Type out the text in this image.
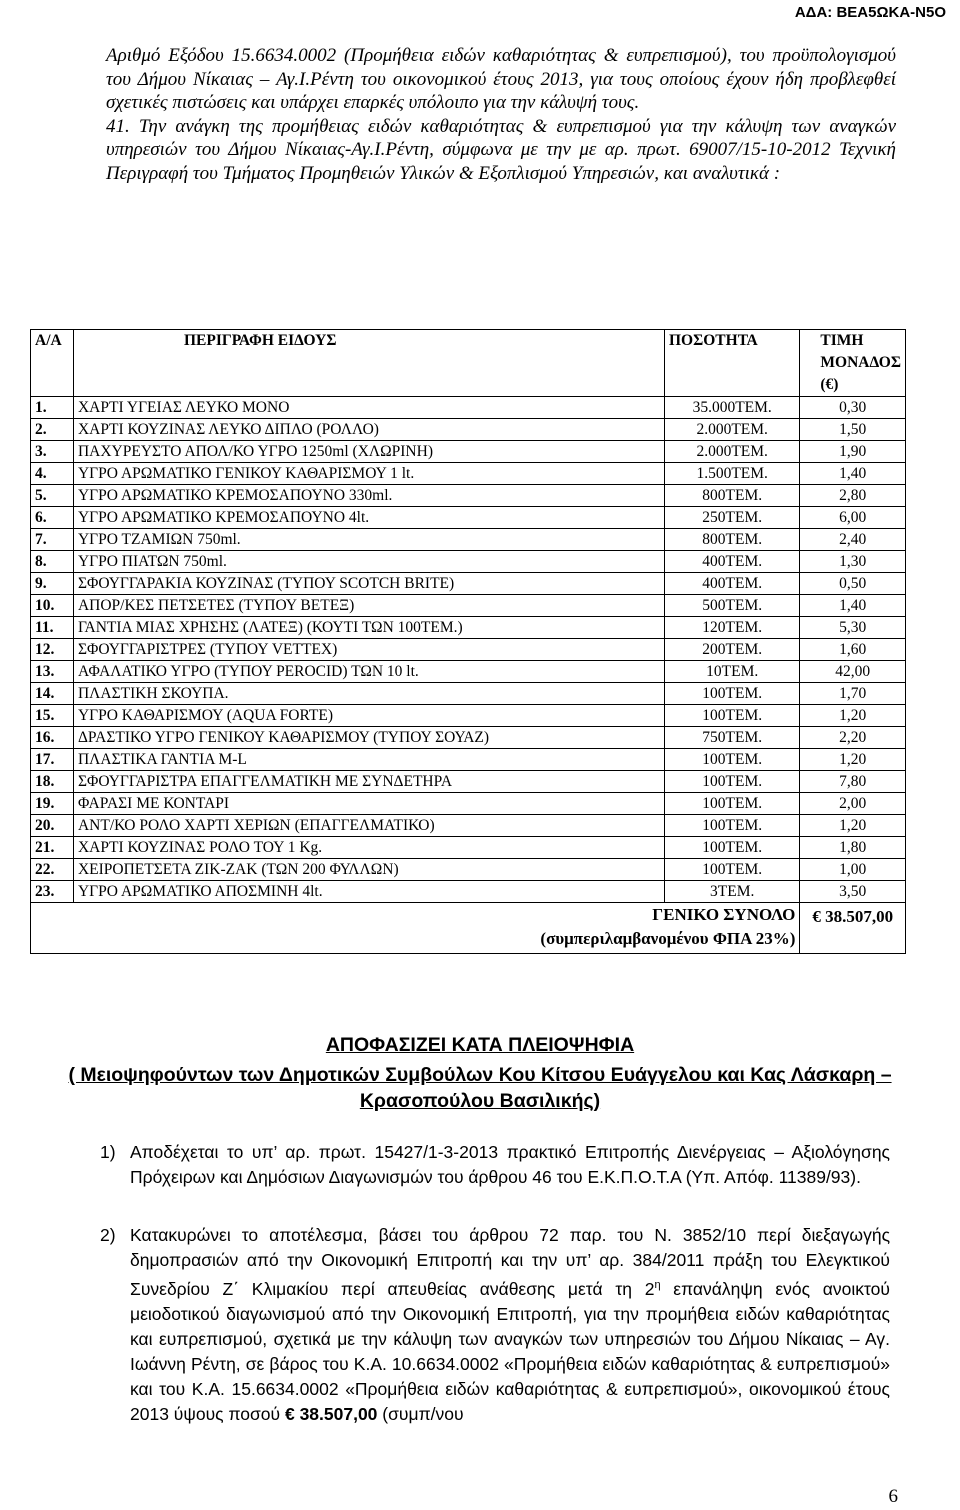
ΑΔΑ: ΒΕΑ5ΩΚΑ-Ν5Ο

Αριθμό Εξόδου 15.6634.0002 (Προμήθεια ειδών καθαριότητας & ευπρεπισμού), του προϋπολογισμού του Δήμου Νίκαιας – Αγ.Ι.Ρέντη του οικονομικού έτους 2013, για τους οποίους έχουν ήδη προβλεφθεί σχετικές πιστώσεις και υπάρχει επαρκές υπόλοιπο για την κάλυψή τους.

41. Την ανάγκη της προμήθειας ειδών καθαριότητας & ευπρεπισμού για την κάλυψη των αναγκών υπηρεσιών του Δήμου Νίκαιας-Αγ.Ι.Ρέντη, σύμφωνα με την με αρ. πρωτ. 69007/15-10-2012 Τεχνική Περιγραφή του Τμήματος Προμηθειών Υλικών & Εξοπλισμού Υπηρεσιών, και αναλυτικά :

Α/Α	ΠΕΡΙΓΡΑΦΗ ΕΙΔΟΥΣ	ΠΟΣΟΤΗΤΑ	ΤΙΜΗ ΜΟΝΑΔΟΣ (€)
1.	ΧΑΡΤΙ ΥΓΕΙΑΣ ΛΕΥΚΟ ΜΟΝΟ	35.000ΤΕΜ.	0,30
2.	ΧΑΡΤΙ ΚΟΥΖΙΝΑΣ ΛΕΥΚΟ ΔΙΠΛΟ (ΡΟΛΛΟ)	2.000ΤΕΜ.	1,50
3.	ΠΑΧΥΡΕΥΣΤΟ ΑΠΟΛ/ΚΟ ΥΓΡΟ 1250ml (ΧΛΩΡΙΝΗ)	2.000ΤΕΜ.	1,90
4.	ΥΓΡΟ ΑΡΩΜΑΤΙΚΟ ΓΕΝΙΚΟΥ ΚΑΘΑΡΙΣΜΟΥ 1 lt.	1.500ΤΕΜ.	1,40
5.	ΥΓΡΟ ΑΡΩΜΑΤΙΚΟ ΚΡΕΜΟΣΑΠΟΥΝΟ 330ml.	800ΤΕΜ.	2,80
6.	ΥΓΡΟ ΑΡΩΜΑΤΙΚΟ ΚΡΕΜΟΣΑΠΟΥΝΟ 4lt.	250ΤΕΜ.	6,00
7.	ΥΓΡΟ ΤΖΑΜΙΩΝ 750ml.	800ΤΕΜ.	2,40
8.	ΥΓΡΟ ΠΙΑΤΩΝ 750ml.	400ΤΕΜ.	1,30
9.	ΣΦΟΥΓΓΑΡΑΚΙΑ ΚΟΥΖΙΝΑΣ (ΤΥΠΟΥ SCOTCH BRITE)	400ΤΕΜ.	0,50
10.	ΑΠΟΡ/ΚΕΣ ΠΕΤΣΕΤΕΣ (ΤΥΠΟΥ ΒΕΤΕΞ)	500ΤΕΜ.	1,40
11.	ΓΑΝΤΙΑ ΜΙΑΣ ΧΡΗΣΗΣ (ΛΑΤΕΞ) (ΚΟΥΤΙ ΤΩΝ 100ΤΕΜ.)	120ΤΕΜ.	5,30
12.	ΣΦΟΥΓΓΑΡΙΣΤΡΕΣ (ΤΥΠΟΥ VETTEX)	200ΤΕΜ.	1,60
13.	ΑΦΑΛΑΤΙΚΟ ΥΓΡΟ (ΤΥΠΟΥ PEROCID) ΤΩΝ 10 lt.	10ΤΕΜ.	42,00
14.	ΠΛΑΣΤΙΚΗ ΣΚΟΥΠΑ.	100ΤΕΜ.	1,70
15.	ΥΓΡΟ ΚΑΘΑΡΙΣΜΟΥ (AQUA FORTE)	100ΤΕΜ.	1,20
16.	ΔΡΑΣΤΙΚΟ ΥΓΡΟ ΓΕΝΙΚΟΥ ΚΑΘΑΡΙΣΜΟΥ (ΤΥΠΟΥ ΣΟΥΑΖ)	750ΤΕΜ.	2,20
17.	ΠΛΑΣΤΙΚΑ ΓΑΝΤΙΑ M-L	100ΤΕΜ.	1,20
18.	ΣΦΟΥΓΓΑΡΙΣΤΡΑ ΕΠΑΓΓΕΛΜΑΤΙΚΗ ΜΕ ΣΥΝΔΕΤΗΡΑ	100ΤΕΜ.	7,80
19.	ΦΑΡΑΣΙ ΜΕ ΚΟΝΤΑΡΙ	100ΤΕΜ.	2,00
20.	ΑΝΤ/ΚΟ ΡΟΛΟ ΧΑΡΤΙ ΧΕΡΙΩΝ (ΕΠΑΓΓΕΛΜΑΤΙΚΟ)	100ΤΕΜ.	1,20
21.	ΧΑΡΤΙ ΚΟΥΖΙΝΑΣ ΡΟΛΟ ΤΟΥ 1 Kg.	100ΤΕΜ.	1,80
22.	ΧΕΙΡΟΠΕΤΣΕΤΑ ΖΙΚ-ΖΑΚ (ΤΩΝ 200 ΦΥΛΛΩΝ)	100ΤΕΜ.	1,00
23.	ΥΓΡΟ ΑΡΩΜΑΤΙΚΟ ΑΠΟΣΜΙΝΗ 4lt.	3ΤΕΜ.	3,50
	ΓΕΝΙΚΟ ΣΥΝΟΛΟ
(συμπεριλαμβανομένου ΦΠΑ 23%)		€ 38.507,00
ΑΠΟΦΑΣΙΖΕΙ ΚΑΤΑ ΠΛΕΙΟΨΗΦΙΑ
( Μειοψηφούντων των Δημοτικών Συμβούλων Κου Κίτσου Ευάγγελου και Κας Λάσκαρη – Κρασοπούλου Βασιλικής)
1) Αποδέχεται το υπ’ αρ. πρωτ. 15427/1-3-2013 πρακτικό Επιτροπής Διενέργειας – Αξιολόγησης Πρόχειρων και Δημόσιων Διαγωνισμών του άρθρου 46 του Ε.Κ.Π.Ο.Τ.Α (Υπ. Απόφ. 11389/93).
2) Κατακυρώνει το αποτέλεσμα, βάσει του άρθρου 72 παρ. του Ν. 3852/10 περί διεξαγωγής δημοπρασιών από την Οικονομική Επιτροπή και την υπ’ αρ. 384/2011 πράξη του Ελεγκτικού Συνεδρίου Ζ΄ Κλιμακίου περί απευθείας ανάθεσης μετά τη $2^\eta$ επανάληψη ενός ανοικτού μειοδοτικού διαγωνισμού από την Οικονομική Επιτροπή, για την προμήθεια ειδών καθαριότητας και ευπρεπισμού, σχετικά με την κάλυψη των αναγκών των υπηρεσιών του Δήμου Νίκαιας – Αγ. Ιωάννη Ρέντη, σε βάρος του Κ.Α. 10.6634.0002 «Προμήθεια ειδών καθαριότητας & ευπρεπισμού» και του Κ.Α. 15.6634.0002 «Προμήθεια ειδών καθαριότητας & ευπρεπισμού», οικονομικού έτους 2013 ύψους ποσού € 38.507,00 (συμπ/νου
6
